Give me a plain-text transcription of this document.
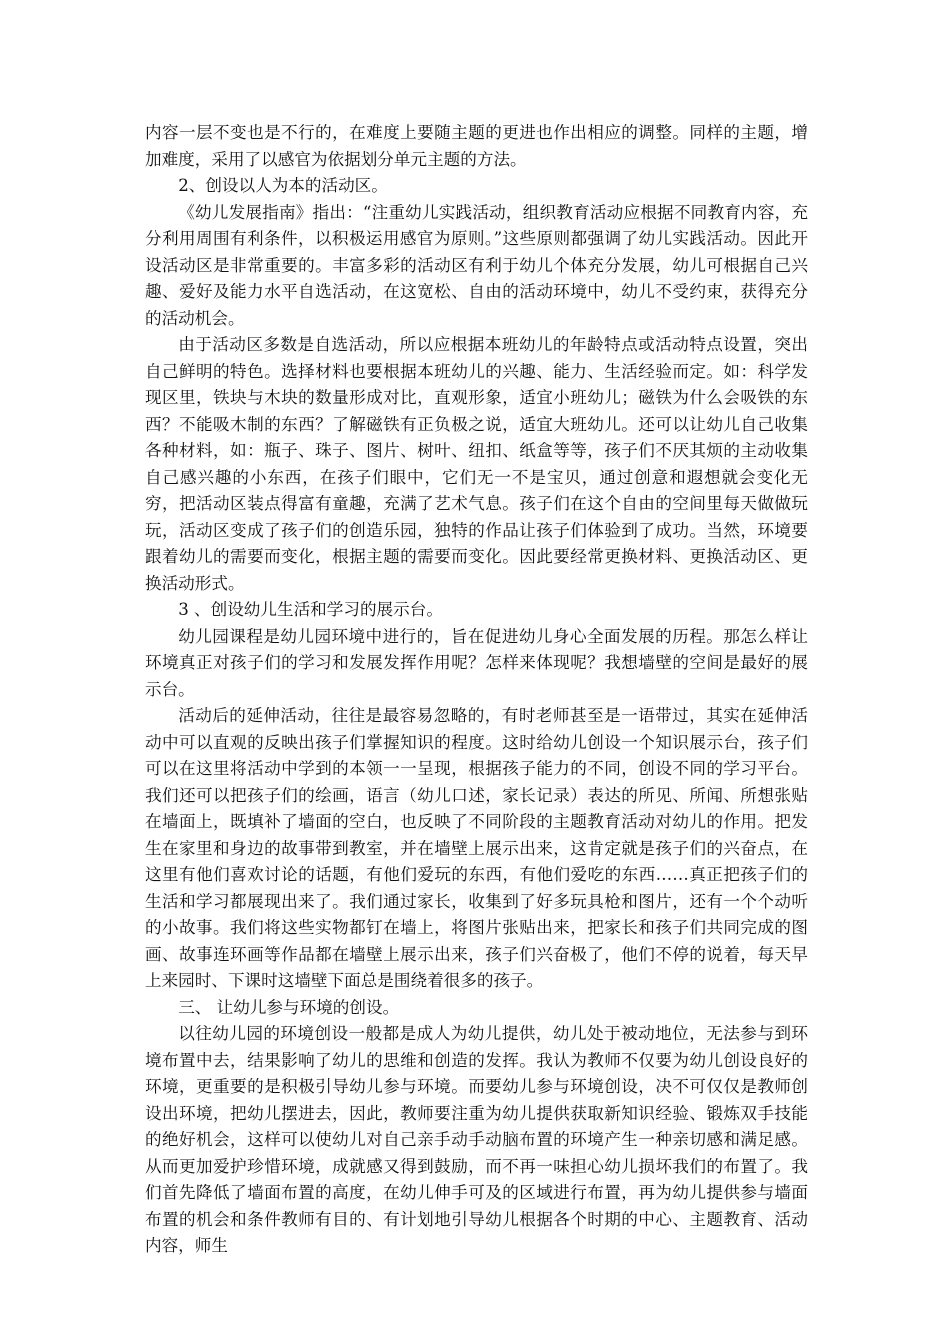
内容一层不变也是不行的，在难度上要随主题的更进也作出相应的调整。同样的主题，增加难度，采用了以感官为依据划分单元主题的方法。

2、创设以人为本的活动区。

《幼儿发展指南》指出：“注重幼儿实践活动，组织教育活动应根据不同教育内容，充分利用周围有利条件，以积极运用感官为原则。”这些原则都强调了幼儿实践活动。因此开设活动区是非常重要的。丰富多彩的活动区有利于幼儿个体充分发展，幼儿可根据自己兴趣、爱好及能力水平自选活动，在这宽松、自由的活动环境中，幼儿不受约束，获得充分的活动机会。

由于活动区多数是自选活动，所以应根据本班幼儿的年龄特点或活动特点设置，突出自己鲜明的特色。选择材料也要根据本班幼儿的兴趣、能力、生活经验而定。如：科学发现区里，铁块与木块的数量形成对比，直观形象，适宜小班幼儿；磁铁为什么会吸铁的东西？不能吸木制的东西？了解磁铁有正负极之说，适宜大班幼儿。还可以让幼儿自己收集各种材料，如：瓶子、珠子、图片、树叶、纽扣、纸盒等等，孩子们不厌其烦的主动收集自己感兴趣的小东西，在孩子们眼中，它们无一不是宝贝，通过创意和遐想就会变化无穷，把活动区装点得富有童趣，充满了艺术气息。孩子们在这个自由的空间里每天做做玩玩，活动区变成了孩子们的创造乐园，独特的作品让孩子们体验到了成功。当然，环境要跟着幼儿的需要而变化，根据主题的需要而变化。因此要经常更换材料、更换活动区、更换活动形式。

3 、创设幼儿生活和学习的展示台。

幼儿园课程是幼儿园环境中进行的，旨在促进幼儿身心全面发展的历程。那怎么样让环境真正对孩子们的学习和发展发挥作用呢？怎样来体现呢？我想墙壁的空间是最好的展示台。

活动后的延伸活动，往往是最容易忽略的，有时老师甚至是一语带过，其实在延伸活动中可以直观的反映出孩子们掌握知识的程度。这时给幼儿创设一个知识展示台，孩子们可以在这里将活动中学到的本领一一呈现，根据孩子能力的不同，创设不同的学习平台。我们还可以把孩子们的绘画，语言（幼儿口述，家长记录）表达的所见、所闻、所想张贴在墙面上，既填补了墙面的空白，也反映了不同阶段的主题教育活动对幼儿的作用。把发生在家里和身边的故事带到教室，并在墙壁上展示出来，这肯定就是孩子们的兴奋点，在这里有他们喜欢讨论的话题，有他们爱玩的东西，有他们爱吃的东西……真正把孩子们的生活和学习都展现出来了。我们通过家长，收集到了好多玩具枪和图片，还有一个个动听的小故事。我们将这些实物都钉在墙上，将图片张贴出来，把家长和孩子们共同完成的图画、故事连环画等作品都在墙壁上展示出来，孩子们兴奋极了，他们不停的说着，每天早上来园时、下课时这墙壁下面总是围绕着很多的孩子。

三、 让幼儿参与环境的创设。

以往幼儿园的环境创设一般都是成人为幼儿提供，幼儿处于被动地位，无法参与到环境布置中去，结果影响了幼儿的思维和创造的发挥。我认为教师不仅要为幼儿创设良好的环境，更重要的是积极引导幼儿参与环境。而要幼儿参与环境创设，决不可仅仅是教师创设出环境，把幼儿摆进去，因此，教师要注重为幼儿提供获取新知识经验、锻炼双手技能的绝好机会，这样可以使幼儿对自己亲手动手动脑布置的环境产生一种亲切感和满足感。从而更加爱护珍惜环境，成就感又得到鼓励，而不再一味担心幼儿损坏我们的布置了。我们首先降低了墙面布置的高度，在幼儿伸手可及的区域进行布置，再为幼儿提供参与墙面布置的机会和条件教师有目的、有计划地引导幼儿根据各个时期的中心、主题教育、活动内容，师生
